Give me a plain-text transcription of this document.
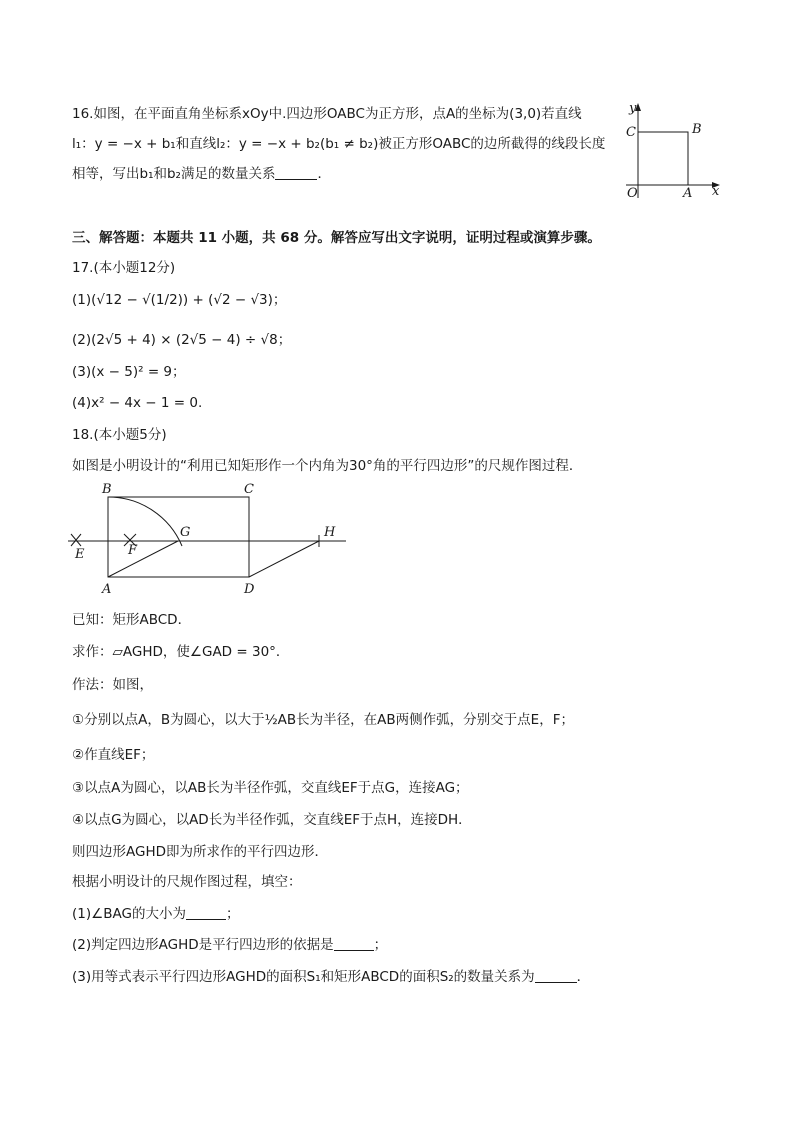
16.如图，在平面直角坐标系xOy中.四边形OABC为正方形，点A的坐标为(3,0)若直线
l₁：y = −x + b₁和直线l₂：y = −x + b₂(b₁ ≠ b₂)被正方形OABC的边所截得的线段长度
相等，写出b₁和b₂满足的数量关系	．
y
x
C	B
O	A
三、解答题：本题共 11 小题，共 68 分。解答应写出文字说明，证明过程或演算步骤。
17.(本小题12分)
(1)(√12 − √(1/2)) + (√2 − √3)；
(2)(2√5 + 4) × (2√5 − 4) ÷ √8；
(3)(x − 5)² = 9；
(4)x² − 4x − 1 = 0.
18.(本小题5分)
如图是小明设计的“利用已知矩形作一个内角为30°角的平行四边形”的尺规作图过程．
B	C
G	H
E	F
A	D
已知：矩形ABCD．
求作：▱AGHD，使∠GAD = 30°．
作法：如图，
①分别以点A，B为圆心，以大于½AB长为半径，在AB两侧作弧，分别交于点E，F；
②作直线EF；
③以点A为圆心，以AB长为半径作弧，交直线EF于点G，连接AG；
④以点G为圆心，以AD长为半径作弧，交直线EF于点H，连接DH．
则四边形AGHD即为所求作的平行四边形．
根据小明设计的尺规作图过程，填空：
(1)∠BAG的大小为	；
(2)判定四边形AGHD是平行四边形的依据是	；
(3)用等式表示平行四边形AGHD的面积S₁和矩形ABCD的面积S₂的数量关系为	．
